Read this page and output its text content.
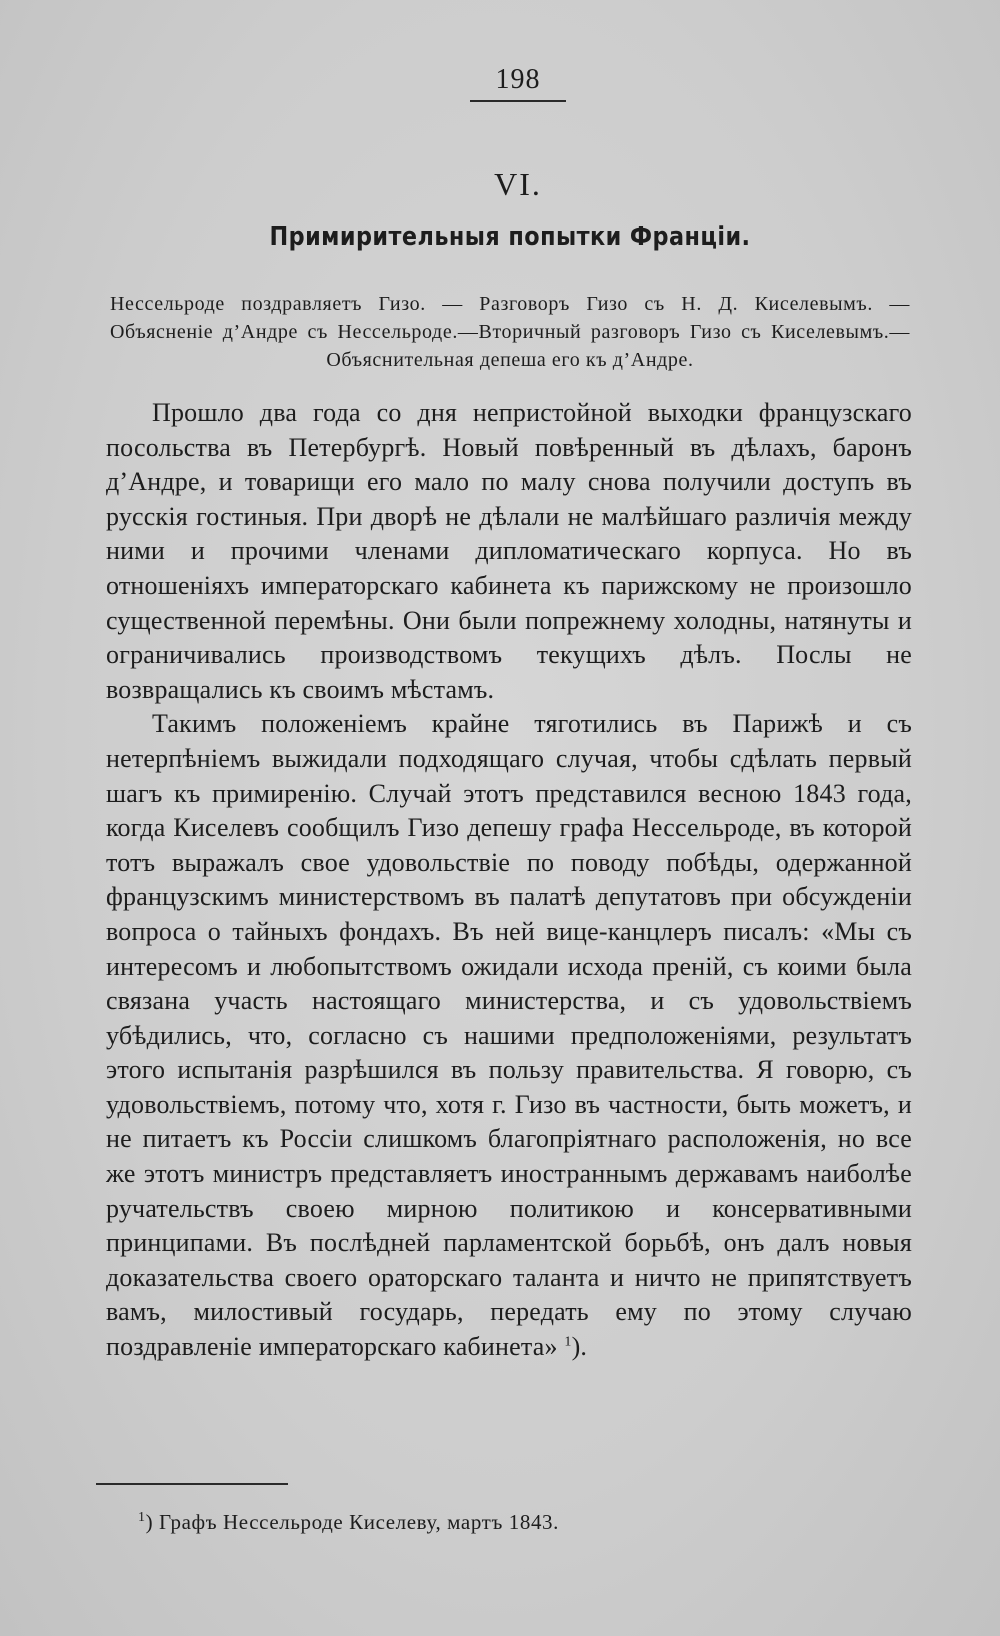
198
VI.
Примирительныя попытки Франціи.
Нессельроде поздравляетъ Гизо. — Разговоръ Гизо съ Н. Д. Киселевымъ. — Объясненіе д’Андре съ Нессельроде.—Вторичный разговоръ Гизо съ Киселевымъ.—Объяснительная депеша его къ д’Андре.

Прошло два года со дня непристойной выходки французскаго посольства въ Петербургѣ. Новый повѣренный въ дѣлахъ, баронъ д’Андре, и товарищи его мало по малу снова получили доступъ въ русскія гостиныя. При дворѣ не дѣлали не малѣйшаго различія между ними и прочими членами дипломатическаго корпуса. Но въ отношеніяхъ императорскаго кабинета къ парижскому не произошло существенной перемѣны. Они были попрежнему холодны, натянуты и ограничивались производствомъ текущихъ дѣлъ. Послы не возвращались къ своимъ мѣстамъ.

Такимъ положеніемъ крайне тяготились въ Парижѣ и съ нетерпѣніемъ выжидали подходящаго случая, чтобы сдѣлать первый шагъ къ примиренію. Случай этотъ представился весною 1843 года, когда Киселевъ сообщилъ Гизо депешу графа Нессельроде, въ которой тотъ выражалъ свое удовольствіе по поводу побѣды, одержанной французскимъ министерствомъ въ палатѣ депутатовъ при обсужденіи вопроса о тайныхъ фондахъ. Въ ней вице-канцлеръ писалъ: «Мы съ интересомъ и любопытствомъ ожидали исхода преній, съ коими была связана участь настоящаго министерства, и съ удовольствіемъ убѣдились, что, согласно съ нашими предположеніями, результатъ этого испытанія разрѣшился въ пользу правительства. Я говорю, съ удовольствіемъ, потому что, хотя г. Гизо въ частности, быть можетъ, и не питаетъ къ Россіи слишкомъ благопріятнаго расположенія, но все же этотъ министръ представляетъ иностраннымъ державамъ наиболѣе ручательствъ своею мирною политикою и консервативными принципами. Въ послѣдней парламентской борьбѣ, онъ далъ новыя доказательства своего ораторскаго таланта и ничто не припятствуетъ вамъ, милостивый государь, передать ему по этому случаю поздравленіе императорскаго кабинета» $^1$).

$^1$) Графъ Нессельроде Киселеву, мартъ 1843.
